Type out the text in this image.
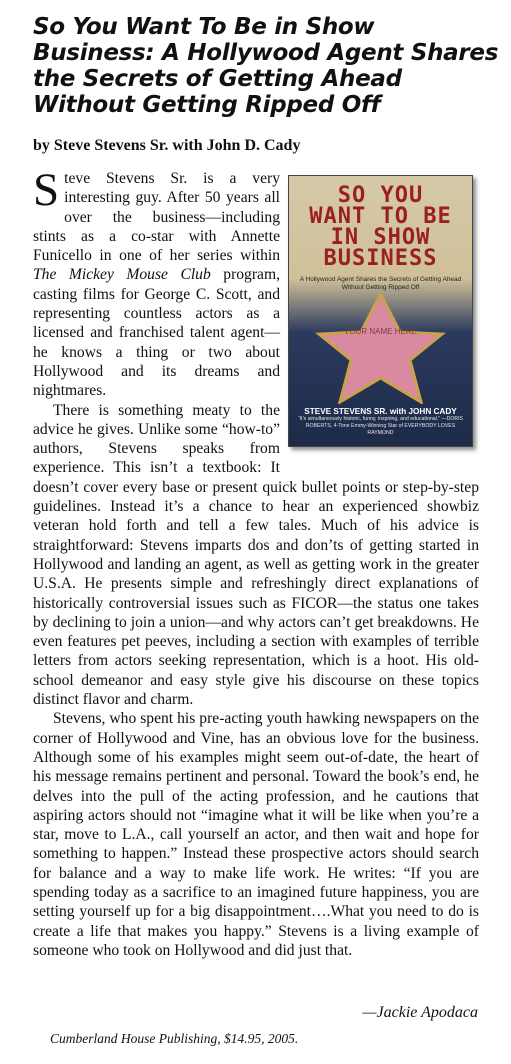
So You Want To Be in Show Business: A Hollywood Agent Shares the Secrets of Getting Ahead Without Getting Ripped Off

by Steve Stevens Sr. with John D. Cady

SO YOU
WANT TO BE
IN SHOW
BUSINESS
A Hollywood Agent Shares the Secrets of Getting Ahead Without Getting Ripped Off
YOUR NAME HERE
STEVE STEVENS SR. with JOHN CADY
“It’s simultaneously historic, funny, inspiring, and educational.” —DORIS ROBERTS, 4-Time Emmy-Winning Star of EVERYBODY LOVES RAYMOND

Steve Stevens Sr. is a very interesting guy. After 50 years all over the business—including stints as a co-star with Annette Funicello in one of her series within The Mickey Mouse Club program, casting films for George C. Scott, and representing countless actors as a licensed and franchised talent agent—he knows a thing or two about Hollywood and its dreams and nightmares.

There is something meaty to the advice he gives. Unlike some “how-to” authors, Stevens speaks from experience. This isn’t a textbook: It doesn’t cover every base or present quick bullet points or step-by-step guidelines. Instead it’s a chance to hear an experienced showbiz veteran hold forth and tell a few tales. Much of his advice is straightforward: Stevens imparts dos and don’ts of getting started in Hollywood and landing an agent, as well as getting work in the greater U.S.A. He presents simple and refreshingly direct explanations of historically controversial issues such as FICOR—the status one takes by declining to join a union—and why actors can’t get breakdowns. He even features pet peeves, including a section with examples of terrible letters from actors seeking representation, which is a hoot. His old-school demeanor and easy style give his discourse on these topics distinct flavor and charm.

Stevens, who spent his pre-acting youth hawking newspapers on the corner of Hollywood and Vine, has an obvious love for the business. Although some of his examples might seem out-of-date, the heart of his message remains pertinent and personal. Toward the book’s end, he delves into the pull of the acting profession, and he cautions that aspiring actors should not “imagine what it will be like when you’re a star, move to L.A., call yourself an actor, and then wait and hope for something to happen.” Instead these prospective actors should search for balance and a way to make life work. He writes: “If you are spending today as a sacrifice to an imagined future happiness, you are setting yourself up for a big disappointment….What you need to do is create a life that makes you happy.” Stevens is a living example of someone who took on Hollywood and did just that.

—Jackie Apodaca

Cumberland House Publishing, $14.95, 2005.
